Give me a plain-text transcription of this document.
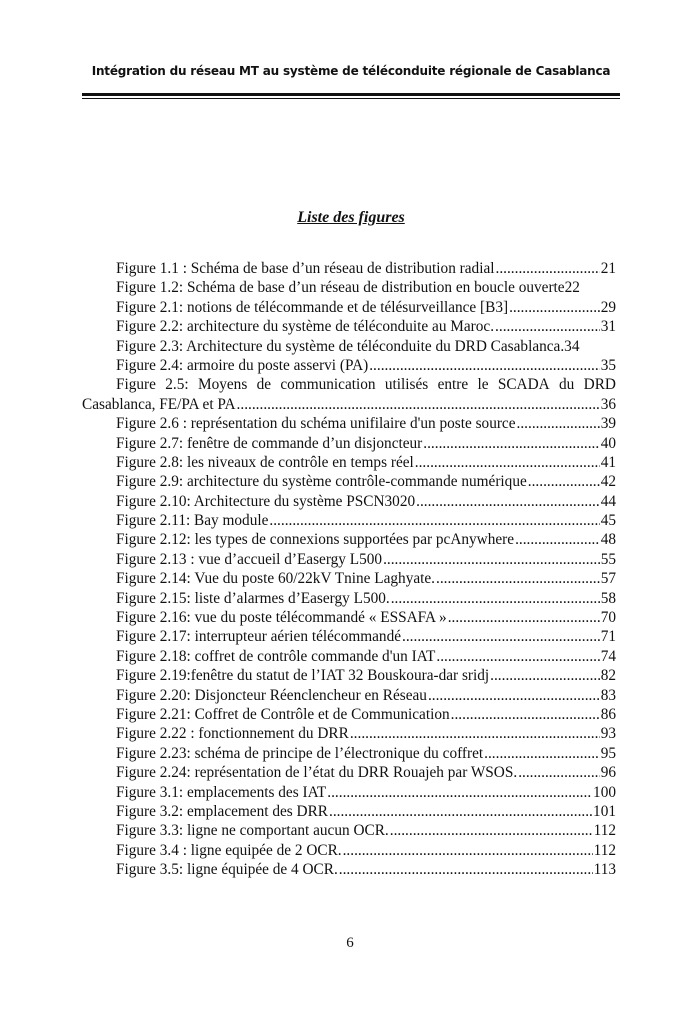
Intégration du réseau MT au système de téléconduite régionale de Casablanca
Liste des figures
Figure 1.1 : Schéma de base d’un réseau de distribution radial .....	21
Figure 1.2: Schéma de base d’un réseau de distribution en boucle ouverte 22
Figure 2.1: notions de télécommande et de télésurveillance [B3] .....	29
Figure 2.2: architecture du système de téléconduite au Maroc. .....	31
Figure 2.3: Architecture du système de téléconduite du DRD Casablanca. 34
Figure 2.4: armoire du poste asservi (PA) .....	35
Figure 2.5: Moyens de communication utilisés entre le SCADA du DRD
Casablanca, FE/PA et PA .....	36
Figure 2.6 : représentation du schéma unifilaire d'un poste source .....	39
Figure 2.7: fenêtre de commande d’un disjoncteur .....	40
Figure 2.8: les niveaux de contrôle en temps réel .....	41
Figure 2.9: architecture du système contrôle-commande numérique .....	42
Figure 2.10: Architecture du système PSCN3020 .....	44
Figure 2.11: Bay module .....	45
Figure 2.12: les types de connexions supportées par pcAnywhere .....	48
Figure 2.13 : vue d’accueil d’Easergy L500 .....	55
Figure 2.14: Vue du poste 60/22kV Tnine Laghyate. .....	57
Figure 2.15: liste d’alarmes d’Easergy L500. .....	58
Figure 2.16: vue du poste télécommandé « ESSAFA » .....	70
Figure 2.17: interrupteur aérien télécommandé .....	71
Figure 2.18: coffret de contrôle commande d'un IAT .....	74
Figure 2.19:fenêtre du statut de l’IAT 32 Bouskoura-dar sridj .....	82
Figure 2.20: Disjoncteur Réenclencheur en Réseau .....	83
Figure 2.21: Coffret de Contrôle et de Communication .....	86
Figure 2.22 : fonctionnement du DRR .....	93
Figure 2.23: schéma de principe de l’électronique du coffret .....	95
Figure 2.24: représentation de l’état du DRR Rouajeh par WSOS. .....	96
Figure 3.1: emplacements des IAT .....	100
Figure 3.2: emplacement des DRR .....	101
Figure 3.3: ligne ne comportant aucun OCR. .....	112
Figure 3.4 : ligne equipée de 2 OCR. .....	112
Figure 3.5: ligne équipée de 4 OCR. .....	113
6
